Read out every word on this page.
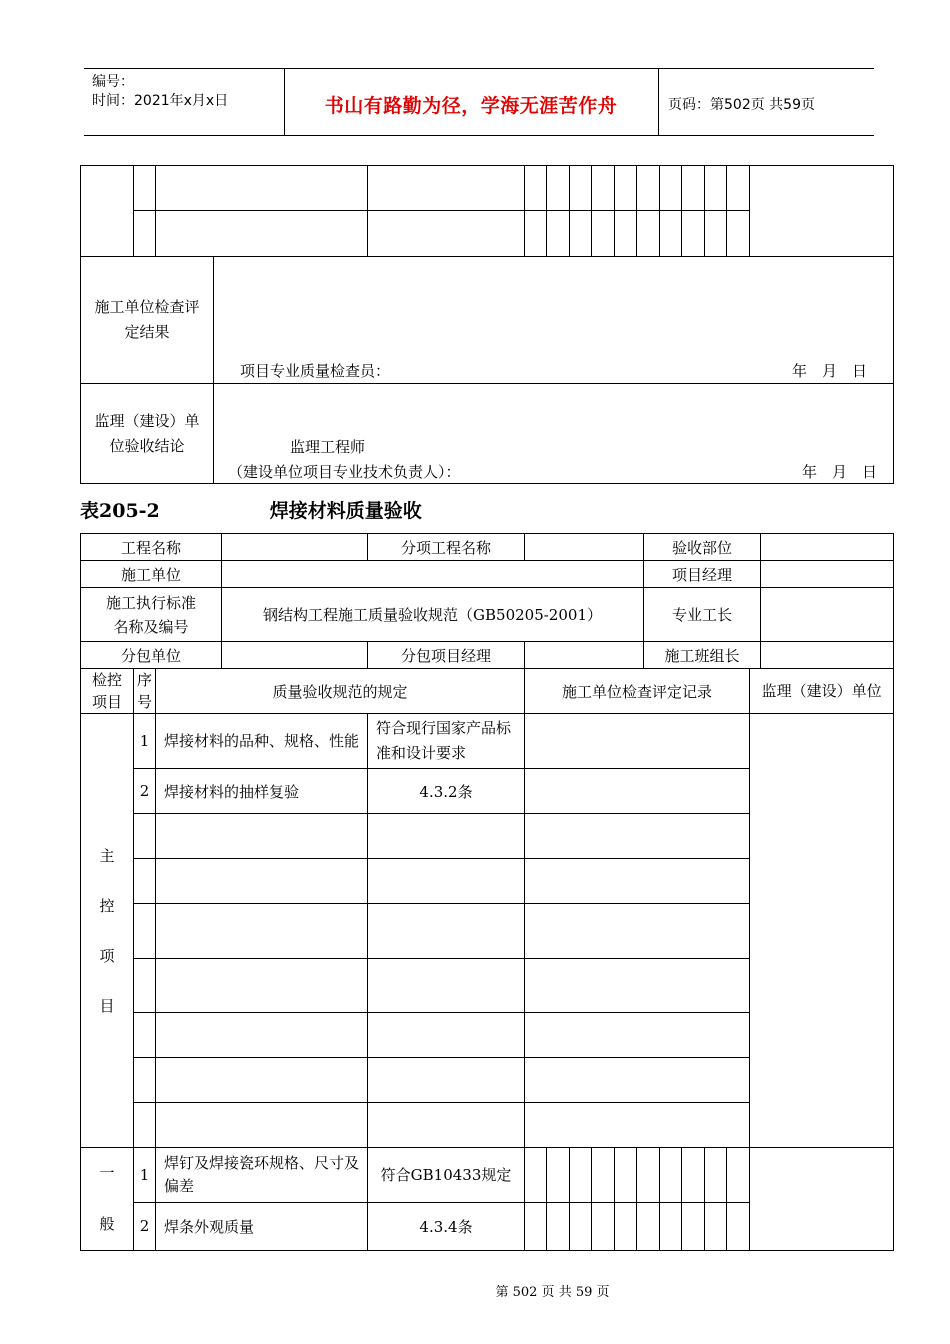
编号：
时间：2021年x月x日	书山有路勤为径，学海无涯苦作舟	页码：第502页 共59页

施工单位检查评定结果	项目专业质量检查员： 年　月　日

监理（建设）单位验收结论	监理工程师
（建设单位项目专业技术负责人）： 年　月　日
表205-2	焊接材料质量验收
工程名称		分项工程名称		验收部位	
施工单位				项目经理	
施工执行标准名称及编号	钢结构工程施工质量验收规范（GB50205-2001）			专业工长	
分包单位		分包项目经理		施工班组长	
检控项目	序号	质量验收规范的规定		施工单位检查评定记录										监理（建设）单位

主
控
项
目	1	焊接材料的品种、规格、性能	符合现行国家产品标准和设计要求											
	2	焊接材料的抽样复验	4.3.2条											

一
般	1	焊钉及焊接瓷环规格、尺寸及偏差	符合GB10433规定											
	2	焊条外观质量	4.3.4条											
第 502 页 共 59 页
